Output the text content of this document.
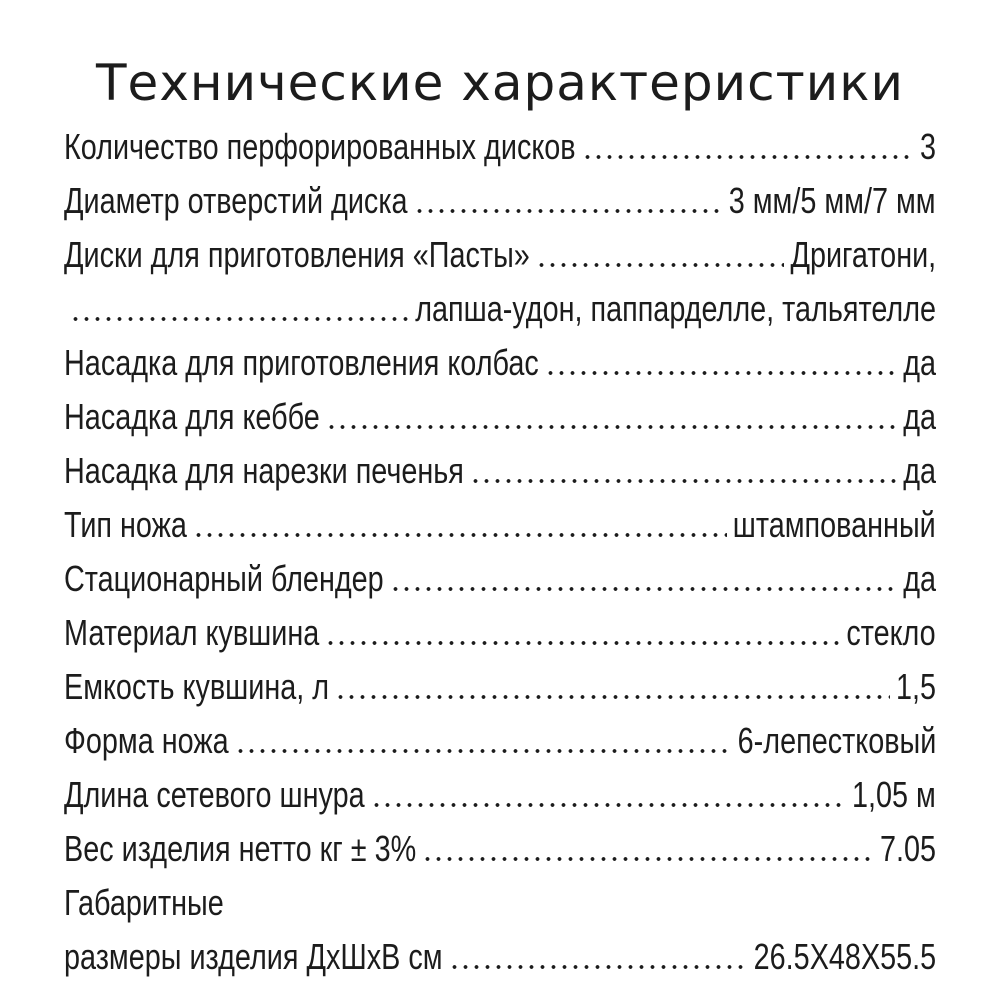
Технические характеристики
Количество перфорированных дисков	3
Диаметр отверстий диска	3 мм/5 мм/7 мм
Диски для приготовления «Пасты»	Дригатони,
лапша-удон, паппарделле, тальятелле
Насадка для приготовления колбас	да
Насадка для кеббе	да
Насадка для нарезки печенья	да
Тип ножа	штампованный
Стационарный блендер	да
Материал кувшина	стекло
Емкость кувшина, л	1,5
Форма ножа	6-лепестковый
Длина сетевого шнура	1,05 м
Вес изделия нетто кг ± 3%	7.05
Габаритные
размеры изделия ДхШхВ см	26.5X48X55.5
